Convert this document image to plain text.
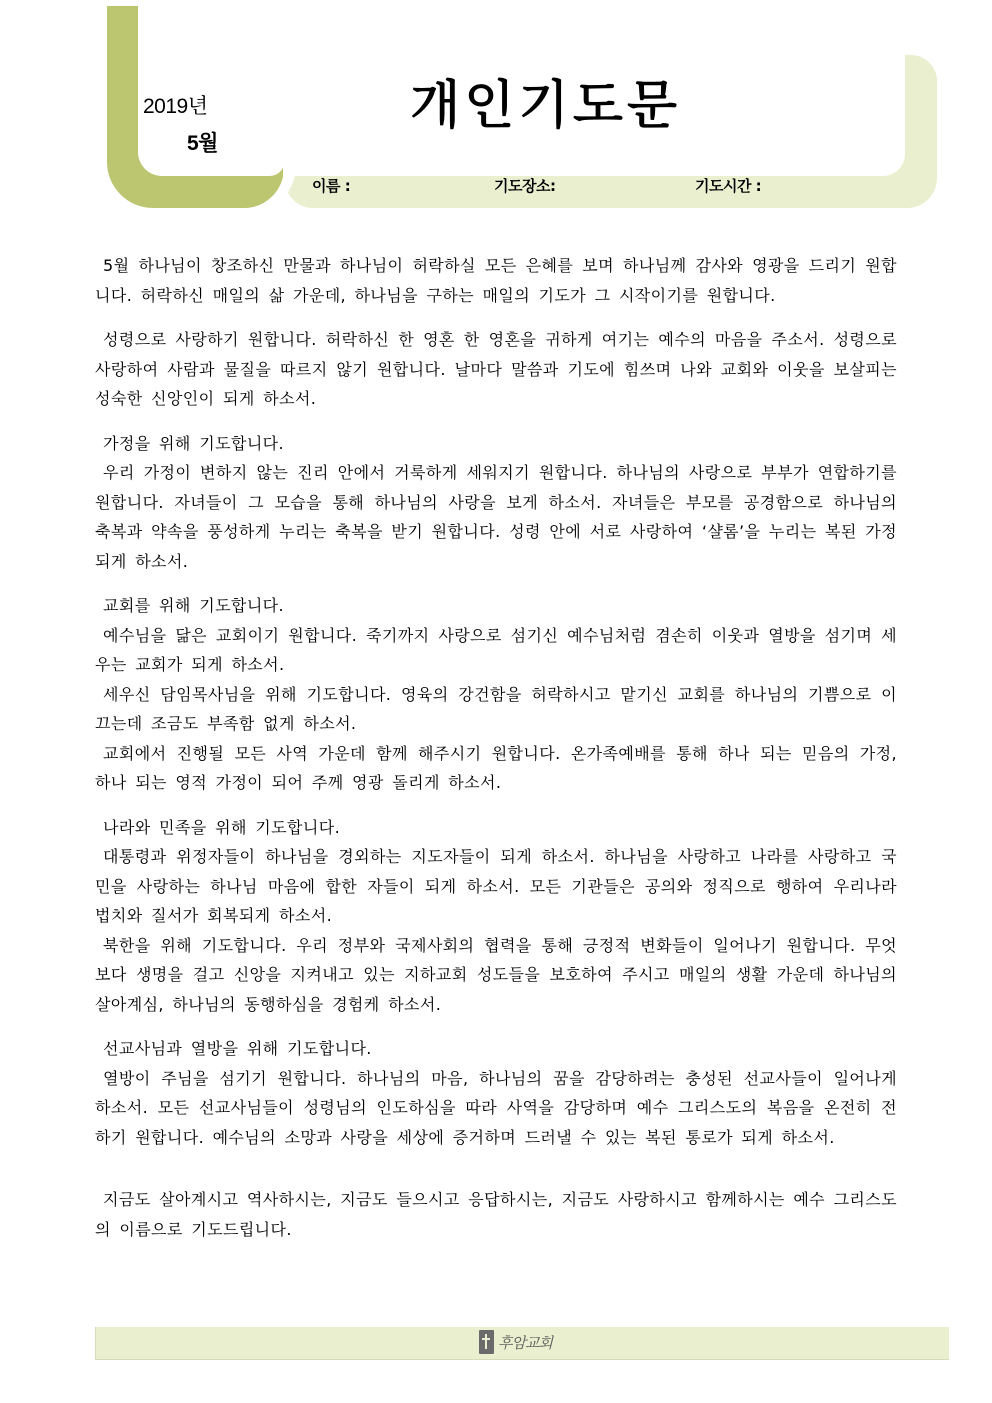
2019년
5월
개인기도문
이름 :	기도장소:	기도시간 :

5월 하나님이 창조하신 만물과 하나님이 허락하실 모든 은혜를 보며 하나님께 감사와 영광을 드리기 원합니다. 허락하신 매일의 삶 가운데, 하나님을 구하는 매일의 기도가 그 시작이기를 원합니다.

성령으로 사랑하기 원합니다. 허락하신 한 영혼 한 영혼을 귀하게 여기는 예수의 마음을 주소서. 성령으로 사랑하여 사람과 물질을 따르지 않기 원합니다. 날마다 말씀과 기도에 힘쓰며 나와 교회와 이웃을 보살피는 성숙한 신앙인이 되게 하소서.

가정을 위해 기도합니다.

우리 가정이 변하지 않는 진리 안에서 거룩하게 세워지기 원합니다. 하나님의 사랑으로 부부가 연합하기를 원합니다. 자녀들이 그 모습을 통해 하나님의 사랑을 보게 하소서. 자녀들은 부모를 공경함으로 하나님의 축복과 약속을 풍성하게 누리는 축복을 받기 원합니다. 성령 안에 서로 사랑하여 ‘샬롬’을 누리는 복된 가정되게 하소서.

교회를 위해 기도합니다.

예수님을 닮은 교회이기 원합니다. 죽기까지 사랑으로 섬기신 예수님처럼 겸손히 이웃과 열방을 섬기며 세우는 교회가 되게 하소서.

세우신 담임목사님을 위해 기도합니다. 영육의 강건함을 허락하시고 맡기신 교회를 하나님의 기쁨으로 이끄는데 조금도 부족함 없게 하소서.

교회에서 진행될 모든 사역 가운데 함께 해주시기 원합니다. 온가족예배를 통해 하나 되는 믿음의 가정, 하나 되는 영적 가정이 되어 주께 영광 돌리게 하소서.

나라와 민족을 위해 기도합니다.

대통령과 위정자들이 하나님을 경외하는 지도자들이 되게 하소서. 하나님을 사랑하고 나라를 사랑하고 국민을 사랑하는 하나님 마음에 합한 자들이 되게 하소서. 모든 기관들은 공의와 정직으로 행하여 우리나라 법치와 질서가 회복되게 하소서.

북한을 위해 기도합니다. 우리 정부와 국제사회의 협력을 통해 긍정적 변화들이 일어나기 원합니다. 무엇보다 생명을 걸고 신앙을 지켜내고 있는 지하교회 성도들을 보호하여 주시고 매일의 생활 가운데 하나님의 살아계심, 하나님의 동행하심을 경험케 하소서.

선교사님과 열방을 위해 기도합니다.

열방이 주님을 섬기기 원합니다. 하나님의 마음, 하나님의 꿈을 감당하려는 충성된 선교사들이 일어나게 하소서. 모든 선교사님들이 성령님의 인도하심을 따라 사역을 감당하며 예수 그리스도의 복음을 온전히 전하기 원합니다. 예수님의 소망과 사랑을 세상에 증거하며 드러낼 수 있는 복된 통로가 되게 하소서.

지금도 살아계시고 역사하시는, 지금도 들으시고 응답하시는, 지금도 사랑하시고 함께하시는 예수 그리스도의 이름으로 기도드립니다.

후암교회
